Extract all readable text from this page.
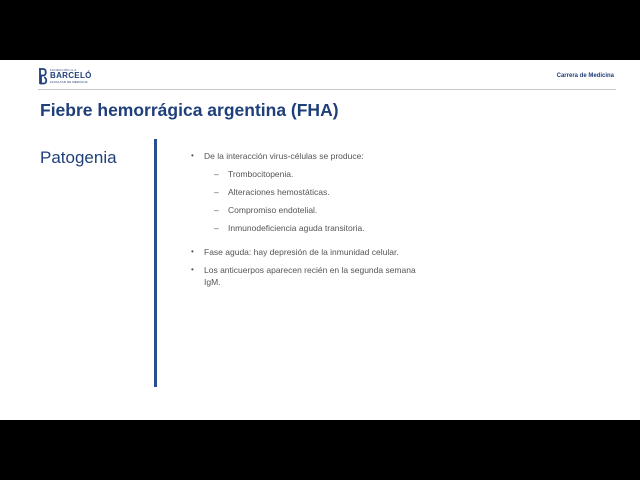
FUNDACIÓN H.A.
BARCELÓ
FACULTAD DE MEDICINA
Carrera de Medicina
Fiebre hemorrágica argentina (FHA)
Patogenia	• De la interacción virus-células se produce:
– Trombocitopenia.
– Alteraciones hemostáticas.
– Compromiso endotelial.
– Inmunodeficiencia aguda transitoria.
• Fase aguda: hay depresión de la inmunidad celular.
• Los anticuerpos aparecen recién en la segunda semana IgM.
